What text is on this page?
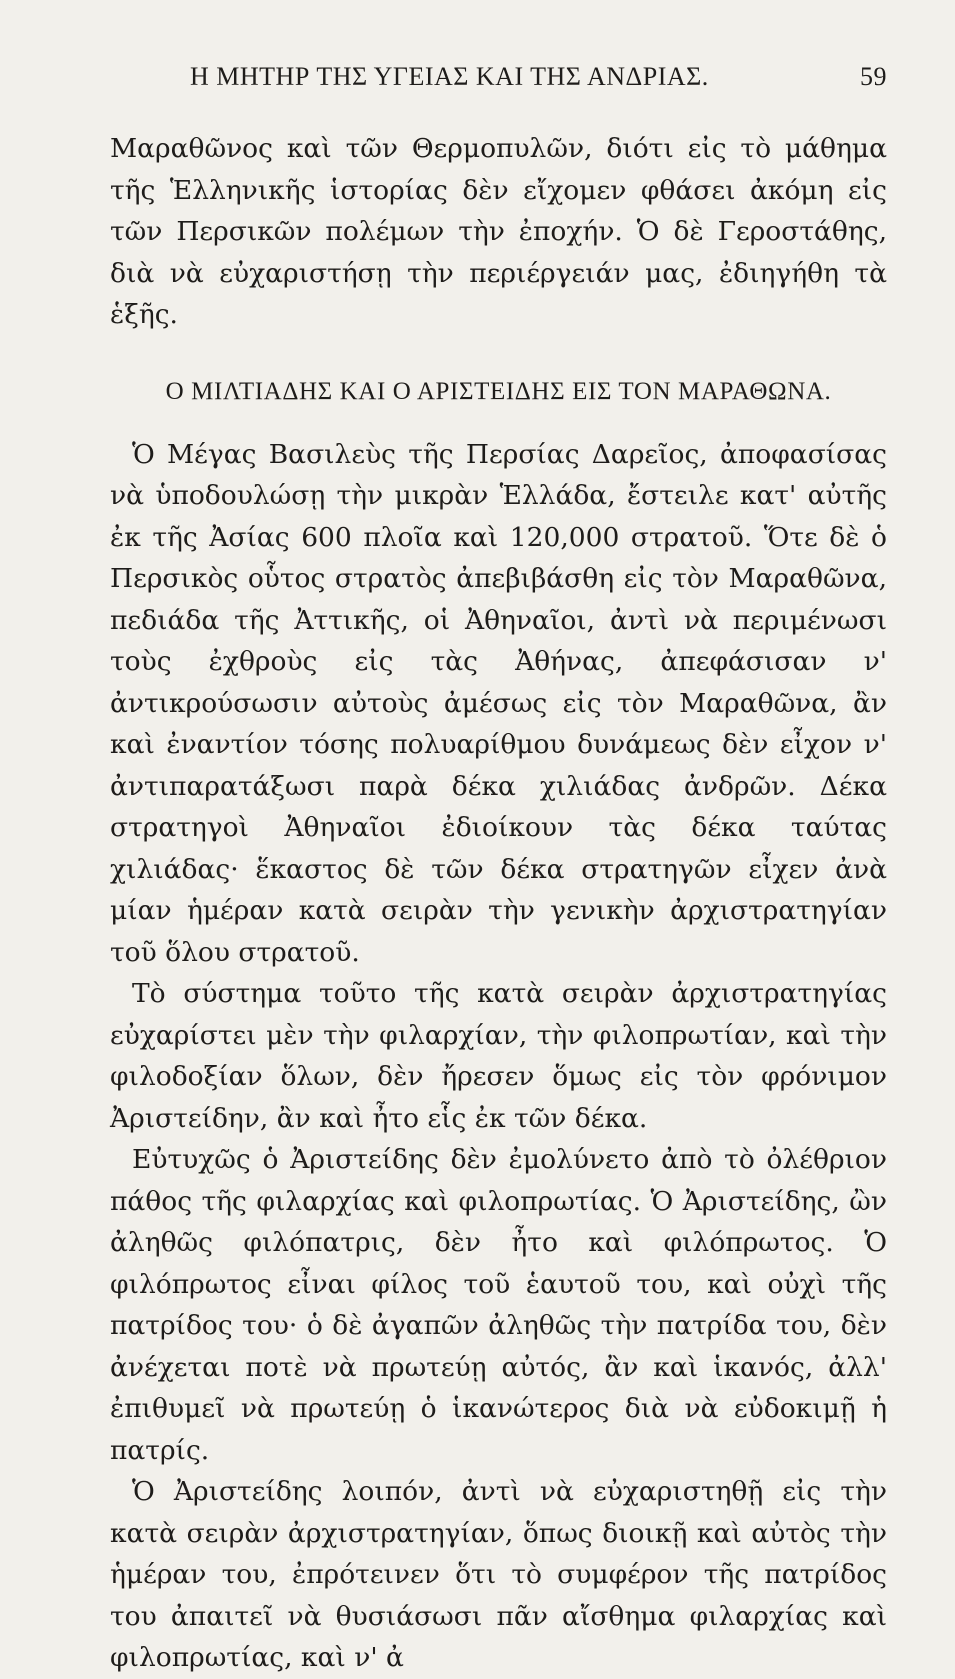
Η ΜΗΤΗΡ ΤΗΣ ΥΓΕΙΑΣ ΚΑΙ ΤΗΣ ΑΝΔΡΙΑΣ.	59

Μαραθῶνος καὶ τῶν Θερμοπυλῶν, διότι εἰς τὸ μάθημα τῆς Ἑλληνικῆς ἱστορίας δὲν εἴχομεν φθάσει ἀκόμη εἰς τῶν Περσικῶν πολέμων τὴν ἐποχήν. Ὁ δὲ Γεροστάθης, διὰ νὰ εὐχαριστήσῃ τὴν περιέργειάν μας, ἐδιηγήθη τὰ ἑξῆς.

Ο ΜΙΛΤΙΑΔΗΣ ΚΑΙ Ο ΑΡΙΣΤΕΙΔΗΣ ΕΙΣ ΤΟΝ ΜΑΡΑΘΩΝΑ.

Ὁ Μέγας Βασιλεὺς τῆς Περσίας Δαρεῖος, ἀποφασίσας νὰ ὑποδουλώσῃ τὴν μικρὰν Ἑλλάδα, ἔστειλε κατ' αὐτῆς ἐκ τῆς Ἀσίας 600 πλοῖα καὶ 120,000 στρατοῦ. Ὅτε δὲ ὁ Περσικὸς οὗτος στρατὸς ἀπεβιβάσθη εἰς τὸν Μαραθῶνα, πεδιάδα τῆς Ἀττικῆς, οἱ Ἀθηναῖοι, ἀντὶ νὰ περιμένωσι τοὺς ἐχθροὺς εἰς τὰς Ἀθήνας, ἀπεφάσισαν ν' ἀντικρούσωσιν αὐτοὺς ἀμέσως εἰς τὸν Μαραθῶνα, ἂν καὶ ἐναντίον τόσης πολυαρίθμου δυνάμεως δὲν εἶχον ν' ἀντιπαρατάξωσι παρὰ δέκα χιλιάδας ἀνδρῶν. Δέκα στρατηγοὶ Ἀθηναῖοι ἐδιοίκουν τὰς δέκα ταύτας χιλιάδας· ἕκαστος δὲ τῶν δέκα στρατηγῶν εἶχεν ἀνὰ μίαν ἡμέραν κατὰ σειρὰν τὴν γενικὴν ἀρχιστρατηγίαν τοῦ ὅλου στρατοῦ.

Τὸ σύστημα τοῦτο τῆς κατὰ σειρὰν ἀρχιστρατηγίας εὐχαρίστει μὲν τὴν φιλαρχίαν, τὴν φιλοπρωτίαν, καὶ τὴν φιλοδοξίαν ὅλων, δὲν ἤρεσεν ὅμως εἰς τὸν φρόνιμον Ἀριστείδην, ἂν καὶ ἦτο εἷς ἐκ τῶν δέκα.

Εὐτυχῶς ὁ Ἀριστείδης δὲν ἐμολύνετο ἀπὸ τὸ ὀλέθριον πάθος τῆς φιλαρχίας καὶ φιλοπρωτίας. Ὁ Ἀριστείδης, ὢν ἀληθῶς φιλόπατρις, δὲν ἦτο καὶ φιλόπρωτος. Ὁ φιλόπρωτος εἶναι φίλος τοῦ ἑαυτοῦ του, καὶ οὐχὶ τῆς πατρίδος του· ὁ δὲ ἀγαπῶν ἀληθῶς τὴν πατρίδα του, δὲν ἀνέχεται ποτὲ νὰ πρωτεύῃ αὐτός, ἂν καὶ ἱκανός, ἀλλ' ἐπιθυμεῖ νὰ πρωτεύῃ ὁ ἱκανώτερος διὰ νὰ εὐδοκιμῇ ἡ πατρίς.

Ὁ Ἀριστείδης λοιπόν, ἀντὶ νὰ εὐχαριστηθῇ εἰς τὴν κατὰ σειρὰν ἀρχιστρατηγίαν, ὅπως διοικῇ καὶ αὐτὸς τὴν ἡμέραν του, ἐπρότεινεν ὅτι τὸ συμφέρον τῆς πατρίδος του ἀπαιτεῖ νὰ θυσιάσωσι πᾶν αἴσθημα φιλαρχίας καὶ φιλοπρωτίας, καὶ ν' ἀ
